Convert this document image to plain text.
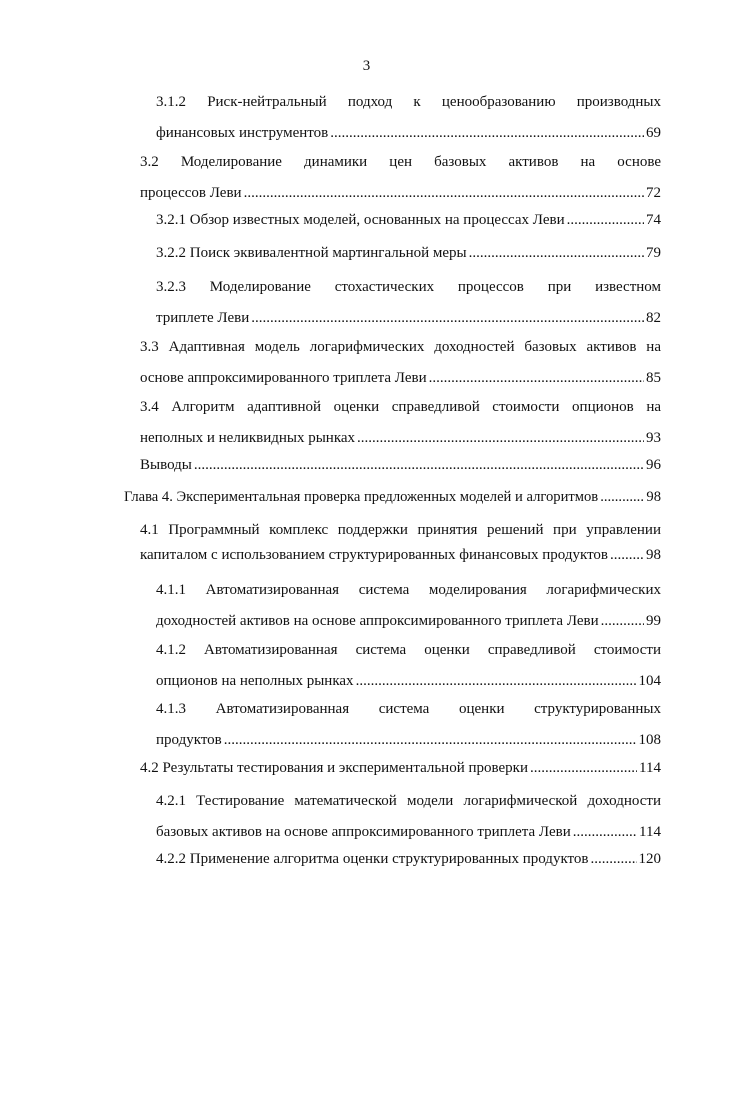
3
3.1.2 Риск-нейтральный подход к ценообразованию производных
финансовых инструментов .....	69
3.2 Моделирование динамики цен базовых активов на основе
процессов Леви .....	72
3.2.1 Обзор известных моделей, основанных на процессах Леви .....	74
3.2.2 Поиск эквивалентной мартингальной меры .....	79
3.2.3 Моделирование стохастических процессов при известном
триплете Леви .....	82
3.3 Адаптивная модель логарифмических доходностей базовых активов на
основе аппроксимированного триплета Леви .....	85
3.4 Алгоритм адаптивной оценки справедливой стоимости опционов на
неполных и неликвидных рынках .....	93
Выводы .....	96
Глава 4. Экспериментальная проверка предложенных моделей и алгоритмов .....	98
4.1 Программный комплекс поддержки принятия решений при управлении
капиталом с использованием структурированных финансовых продуктов .....	98
4.1.1 Автоматизированная система моделирования логарифмических
доходностей активов на основе аппроксимированного триплета Леви .....	99
4.1.2 Автоматизированная система оценки справедливой стоимости
опционов на неполных рынках .....	104
4.1.3 Автоматизированная система оценки структурированных
продуктов .....	108
4.2 Результаты тестирования и экспериментальной проверки .....	114
4.2.1 Тестирование математической модели логарифмической доходности
базовых активов на основе аппроксимированного триплета Леви .....	114
4.2.2 Применение алгоритма оценки структурированных продуктов .....	120
